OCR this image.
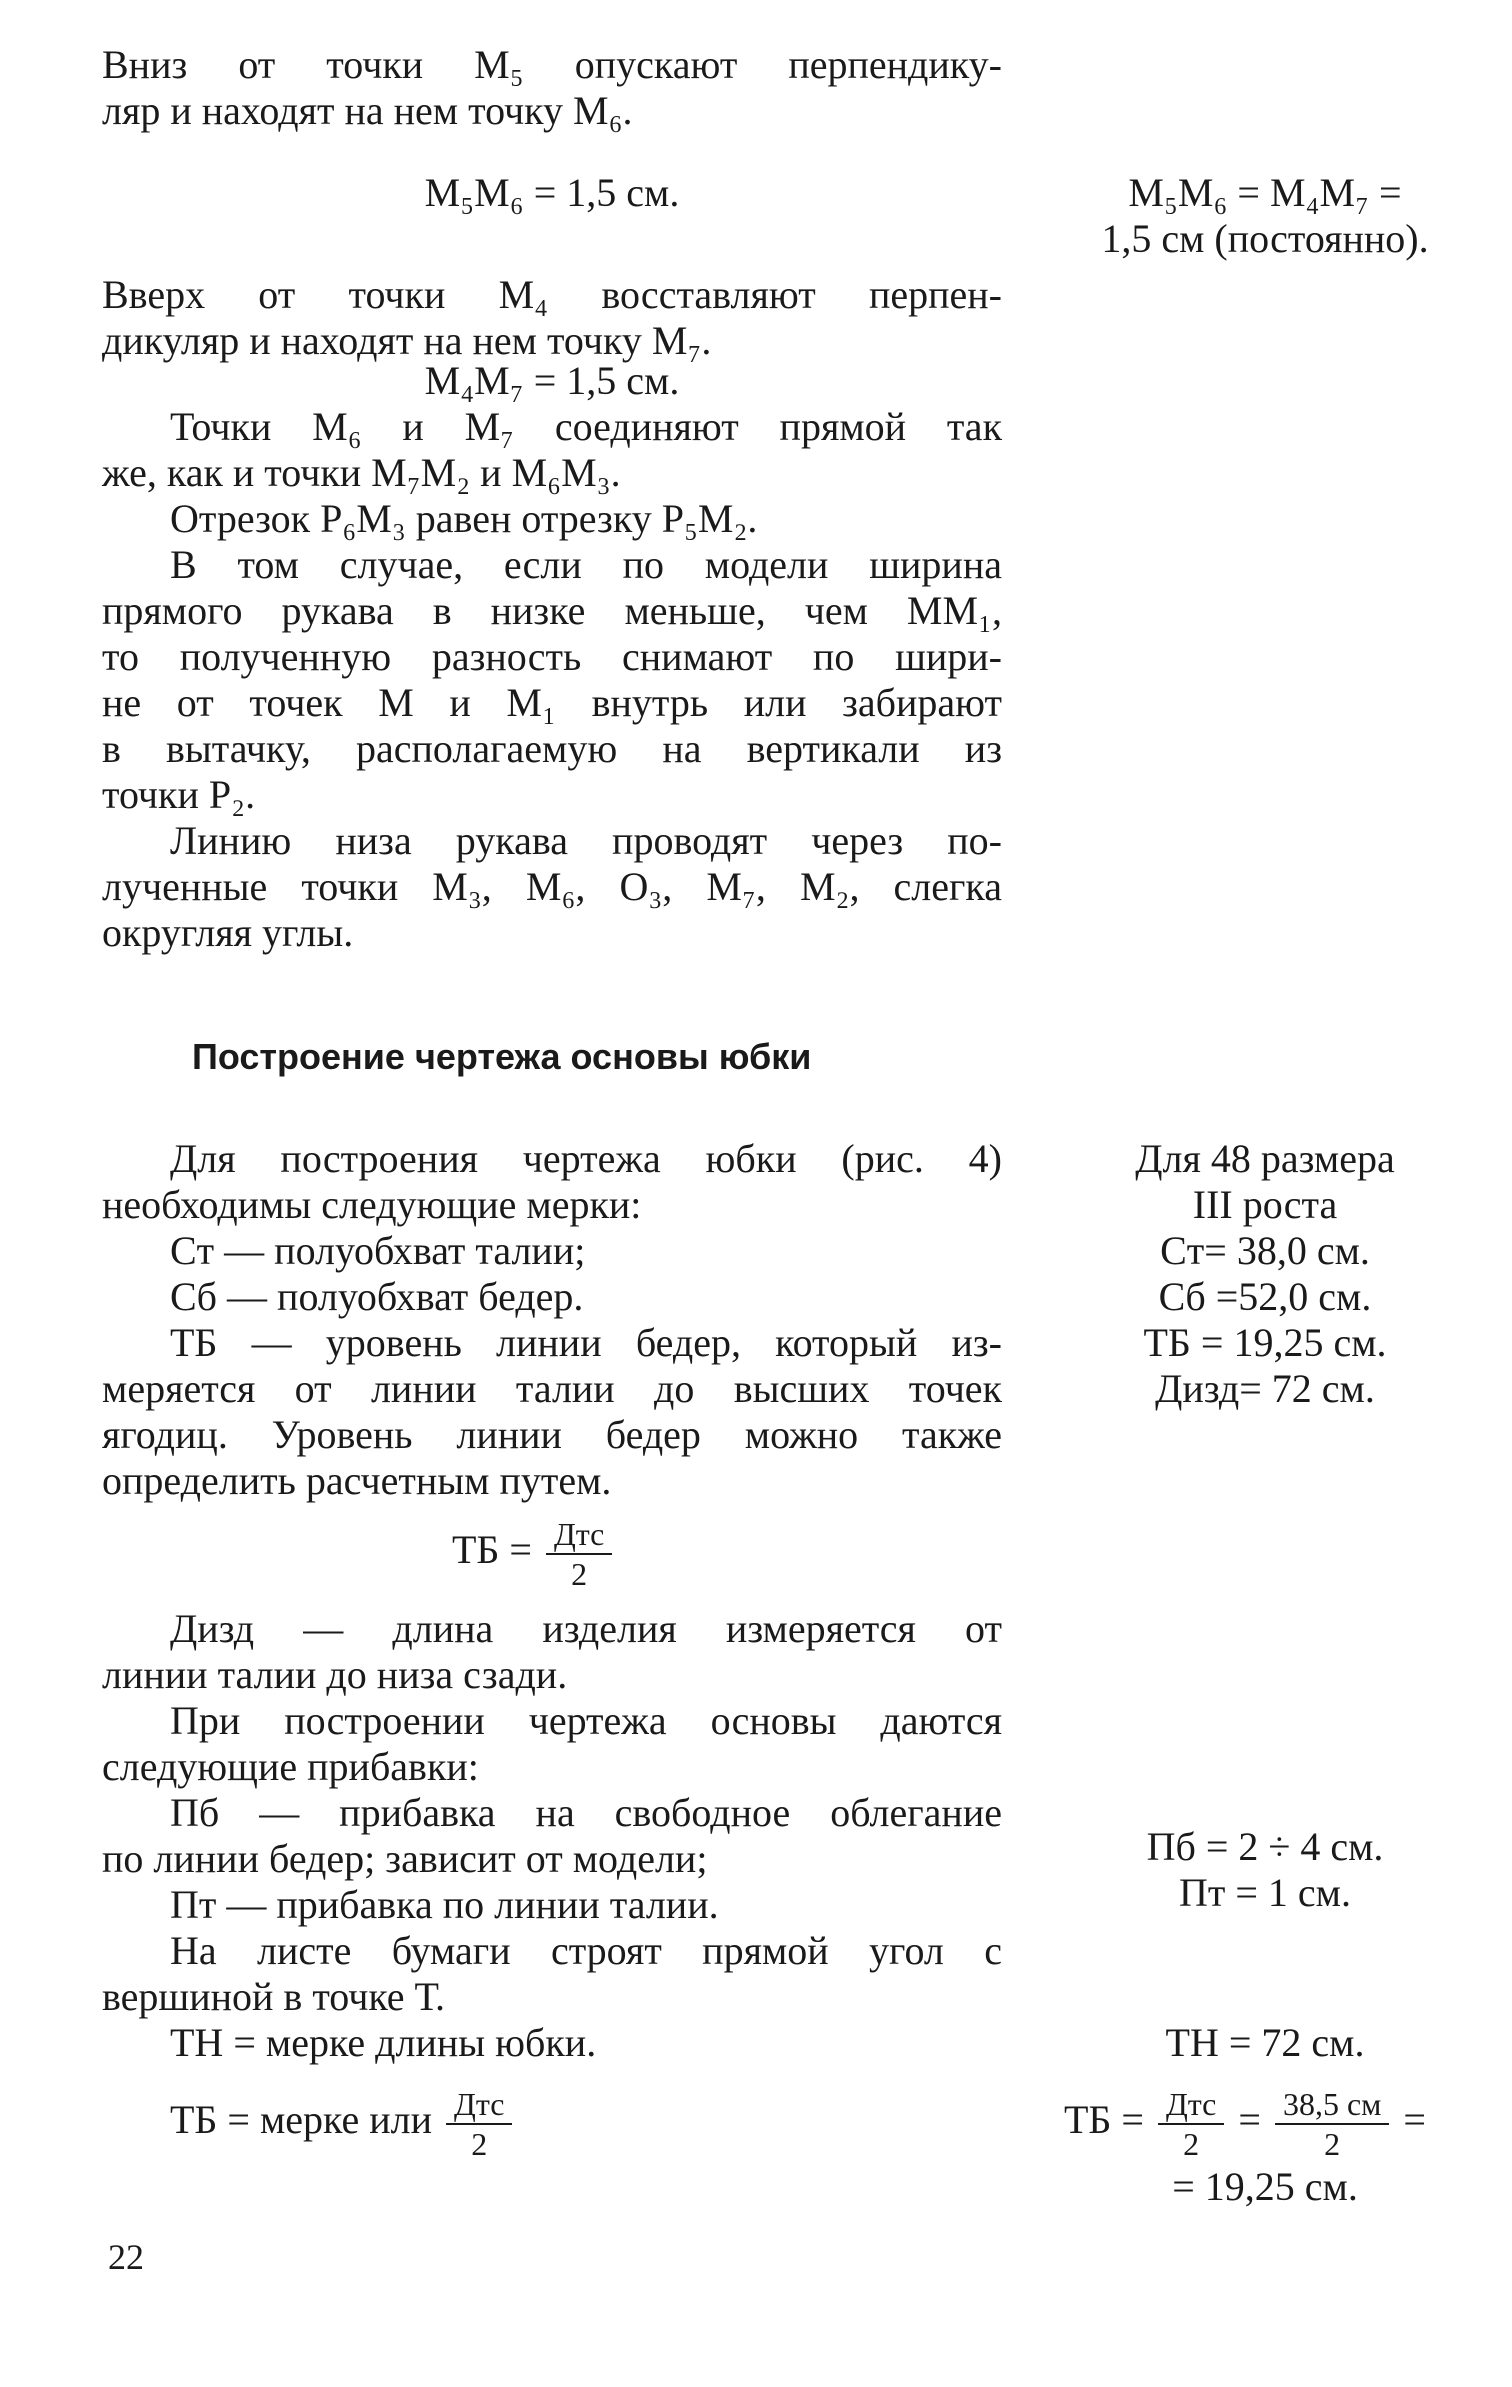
Вниз от точки M₅ опускают перпендику-
ляр и находят на нем точку M₆.
M₅M₆ = 1,5 см.	M₅M₆ = M₄M₇ =
1,5 см (постоянно).
Вверх от точки M₄ восставляют перпен-
дикуляр и находят на нем точку M₇.
M₄M₇ = 1,5 см.
Точки M₆ и M₇ соединяют прямой так
же, как и точки M₇M₂ и M₆M₃.
Отрезок P₆M₃ равен отрезку P₅M₂.
В том случае, если по модели ширина
прямого рукава в низке меньше, чем MM₁,
то полученную разность снимают по шири-
не от точек M и M₁ внутрь или забирают
в вытачку, располагаемую на вертикали из
точки P₂.
Линию низа рукава проводят через по-
лученные точки M₃, M₆, O₃, M₇, M₂, слегка
округляя углы.
Построение чертежа основы юбки
Для построения чертежа юбки (рис. 4)
необходимы следующие мерки:
Cт — полуобхват талии;
Cб — полуобхват бедер.
ТБ — уровень линии бедер, который из-
меряется от линии талии до высших точек
ягодиц. Уровень линии бедер можно также
определить расчетным путем.
ТБ = $\frac{\text{Дтс}}{2}$
Дизд — длина изделия измеряется от
линии талии до низа сзади.
При построении чертежа основы даются
следующие прибавки:
Пб — прибавка на свободное облегание
по линии бедер; зависит от модели;
Пт — прибавка по линии талии.
На листе бумаги строят прямой угол с
вершиной в точке Т.
ТН = мерке длины юбки.
ТБ = мерке или $\frac{\text{Дтс}}{2}$
Для 48 размера
III роста
Cт= 38,0 см.
Cб =52,0 см.
ТБ = 19,25 см.
Дизд= 72 см.
Пб = 2 ÷ 4 см.
Пт = 1 см.
ТН = 72 см.
ТБ = $\frac{\text{Дтс}}{2} = \frac{38,5 см}{2}$ =
= 19,25 см.
22
